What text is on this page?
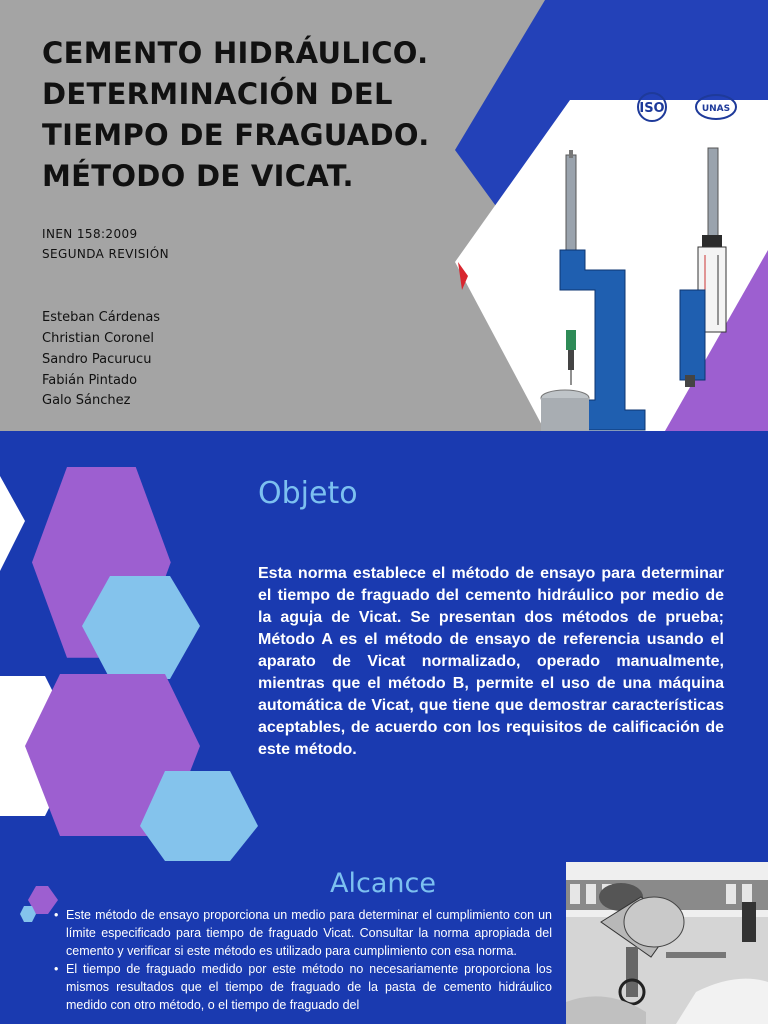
ISO	UNAS
CEMENTO HIDRÁULICO.
DETERMINACIÓN DEL
TIEMPO DE FRAGUADO.
MÉTODO DE VICAT.
INEN 158:2009
SEGUNDA REVISIÓN
Esteban Cárdenas
Christian Coronel
Sandro Pacurucu
Fabián Pintado
Galo Sánchez
Objeto
Esta norma establece el método de ensayo para determinar el tiempo de fraguado del cemento hidráulico por medio de la aguja de Vicat. Se presentan dos métodos de prueba; Método A es el método de ensayo de referencia usando el aparato de Vicat normalizado, operado manualmente, mientras que el método B, permite el uso de una máquina automática de Vicat, que tiene que demostrar características aceptables, de acuerdo con los requisitos de calificación de este método.
Alcance
• Este método de ensayo proporciona un medio para determinar el cumplimiento con un límite especificado para tiempo de fraguado Vicat. Consultar la norma apropiada del cemento y verificar si este método es utilizado para cumplimiento con esa norma.
• El tiempo de fraguado medido por este método no necesariamente proporciona los mismos resultados que el tiempo de fraguado de la pasta de cemento hidráulico medido con otro método, o el tiempo de fraguado del
